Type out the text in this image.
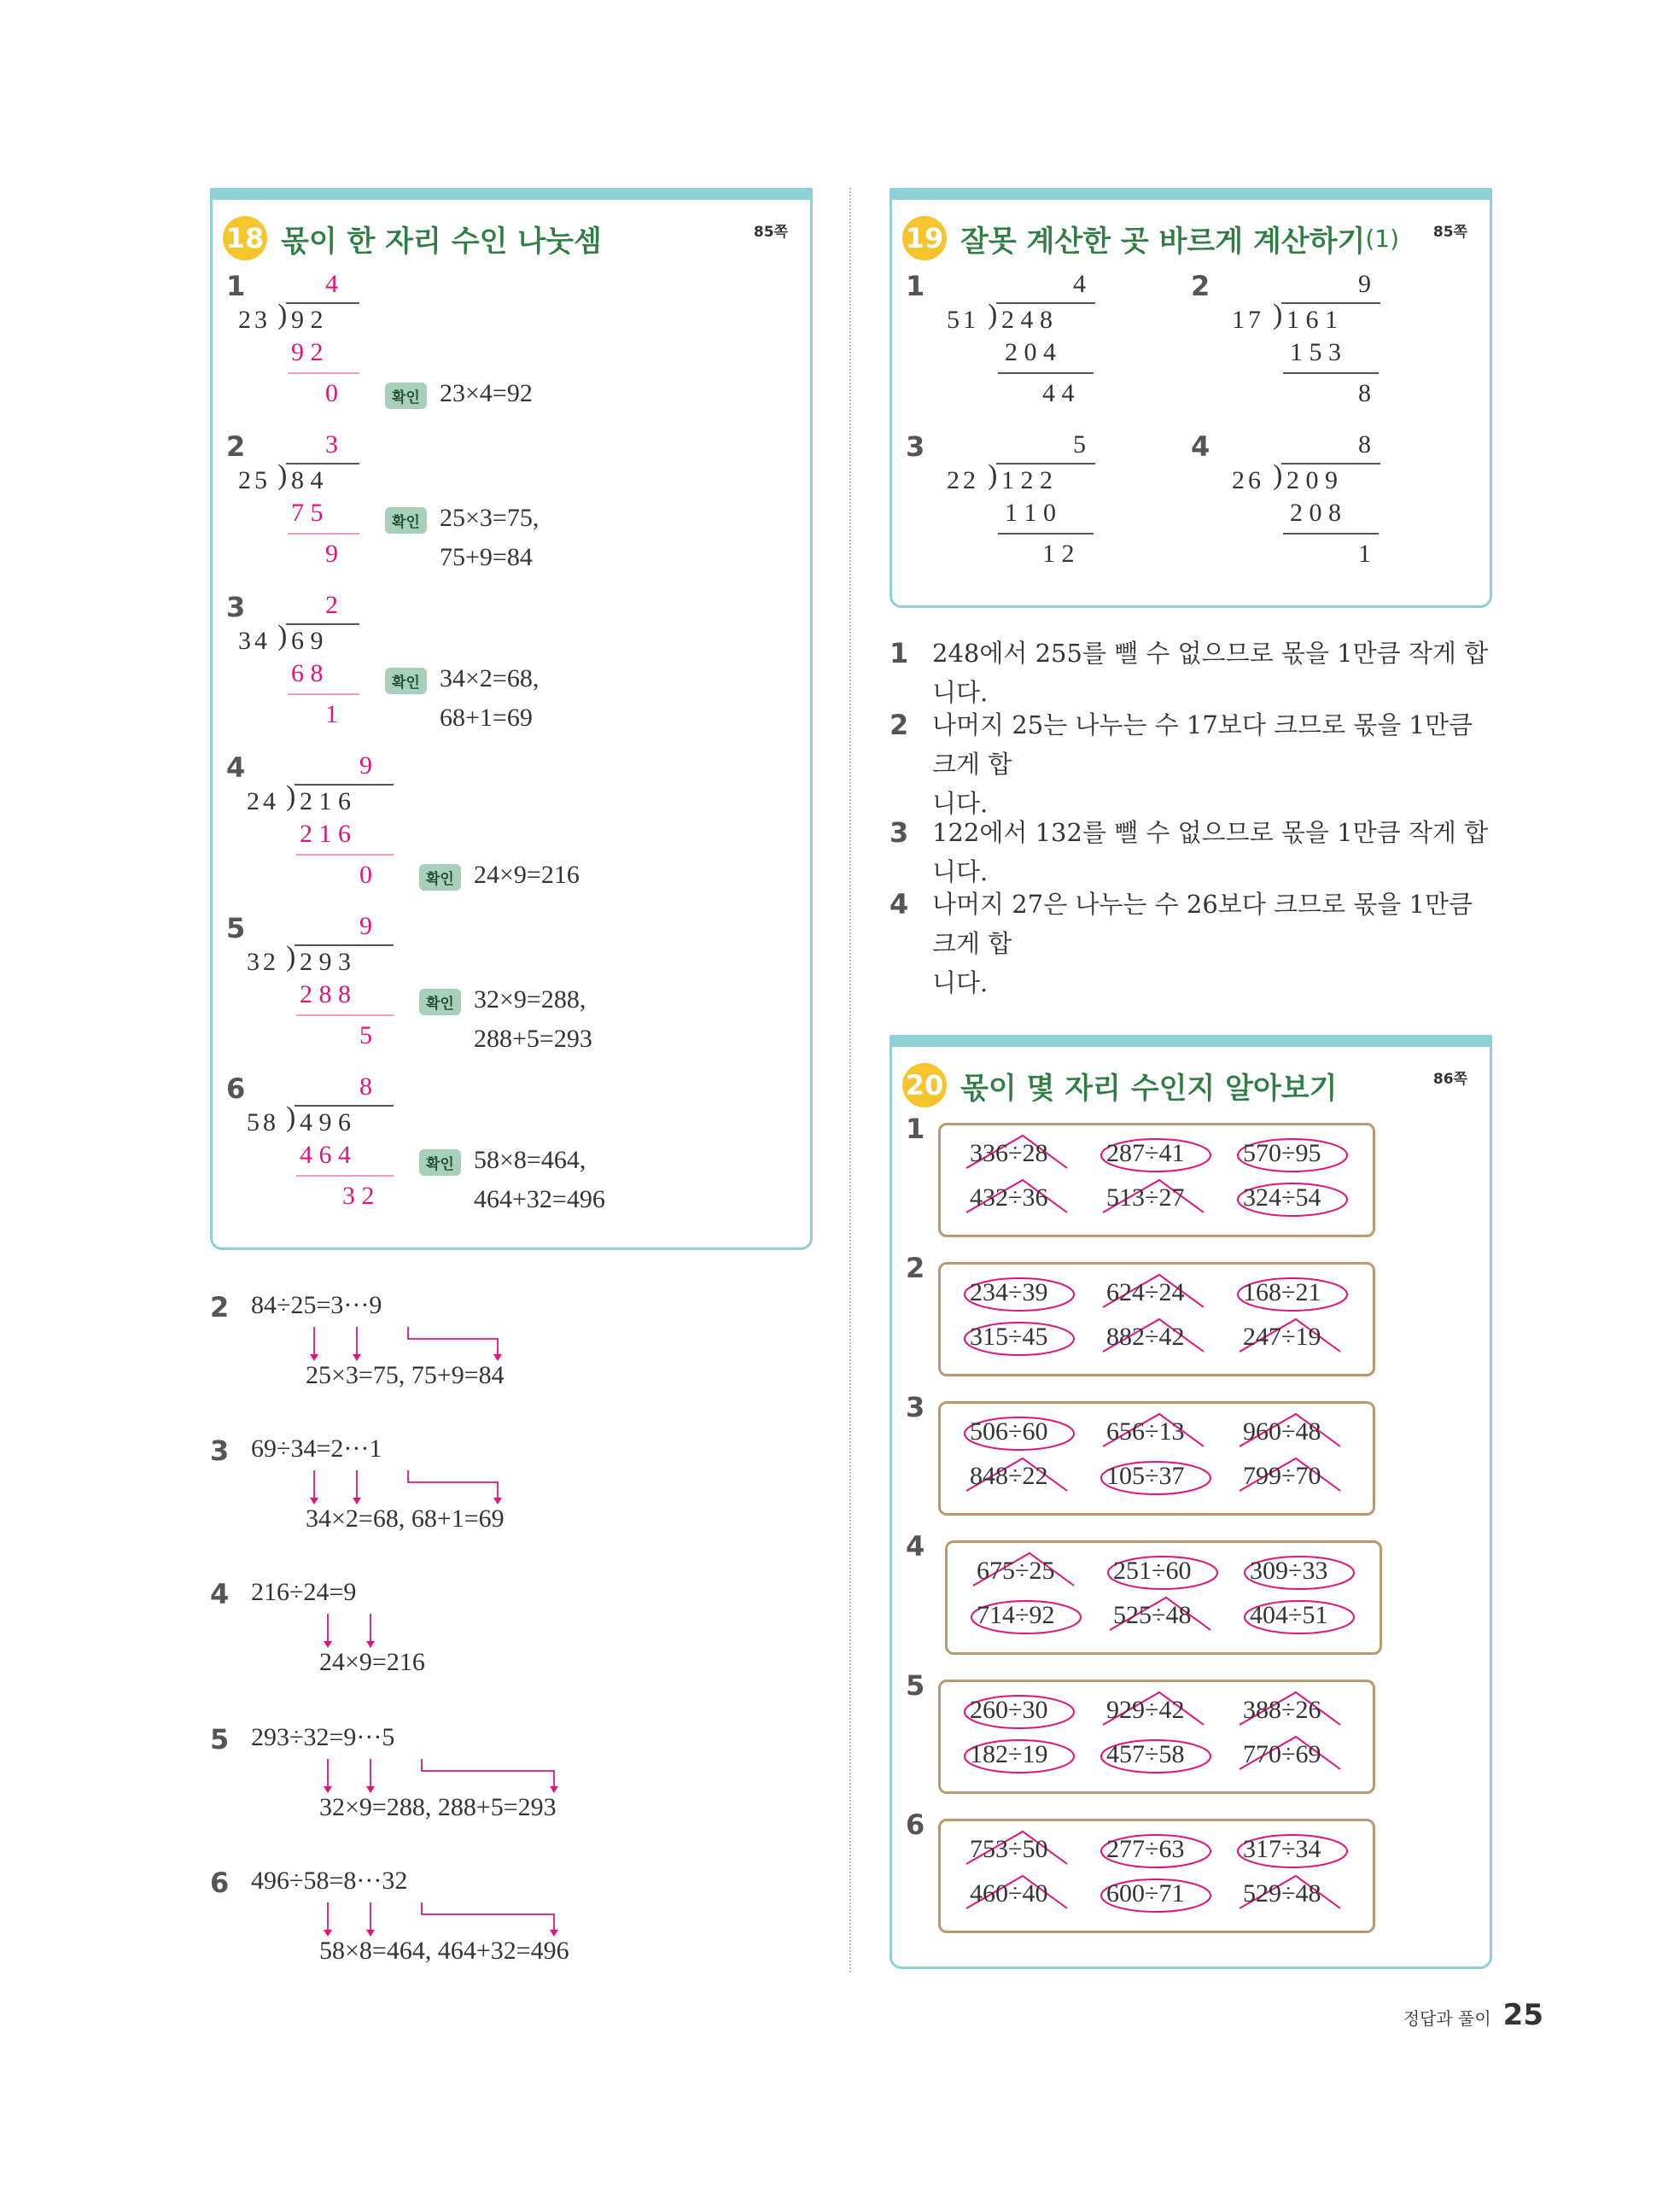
18 몫이 한 자리 수인 나눗셈	85쪽
1	4
23 ) 9 2
9 2
0	확인 23×4=92
2	3
25 ) 8 4
7 5
9
확인 25×3=75,
75+9=84
3	2
34 ) 6 9
6 8
1
확인 34×2=68,
68+1=69
4	9
24 ) 2 1 6
2 1 6
0	확인 24×9=216
5	9
32 ) 2 9 3
2 8 8
5
확인 32×9=288,
288+5=293
6	8
58 ) 4 9 6
4 6 4
3 2
확인 58×8=464,
464+32=496
2 84÷25=3···9
25×3=75, 75+9=84
3 69÷34=2···1
34×2=68, 68+1=69
4 216÷24=9
24×9=216
5 293÷32=9···5
32×9=288, 288+5=293
6 496÷58=8···32
58×8=464, 464+32=496
19 잘못 계산한 곳 바르게 계산하기 (1) 85쪽
1	4
51 ) 2 4 8
2 0 4
4 4
2	9
17 ) 1 6 1
1 5 3
8
3	5
22 ) 1 2 2
1 1 0
1 2
4	8
26 ) 2 0 9
2 0 8
1
1 248에서 255를 뺄 수 없으므로 몫을 1만큼 작게 합니다.
2 나머지 25는 나누는 수 17보다 크므로 몫을 1만큼 크게 합
니다.
3 122에서 132를 뺄 수 없으므로 몫을 1만큼 작게 합니다.
4 나머지 27은 나누는 수 26보다 크므로 몫을 1만큼 크게 합
니다.
20 몫이 몇 자리 수인지 알아보기	86쪽
1
336÷28 287÷41 570÷95
432÷36 513÷27 324÷54
2
234÷39 624÷24 168÷21
315÷45 882÷42 247÷19
3
506÷60 656÷13 960÷48
848÷22 105÷37 799÷70
4
675÷25 251÷60 309÷33
714÷92 525÷48 404÷51
5
260÷30 929÷42 388÷26
182÷19 457÷58 770÷69
6
753÷50 277÷63 317÷34
460÷40 600÷71 529÷48
정답과 풀이 25
